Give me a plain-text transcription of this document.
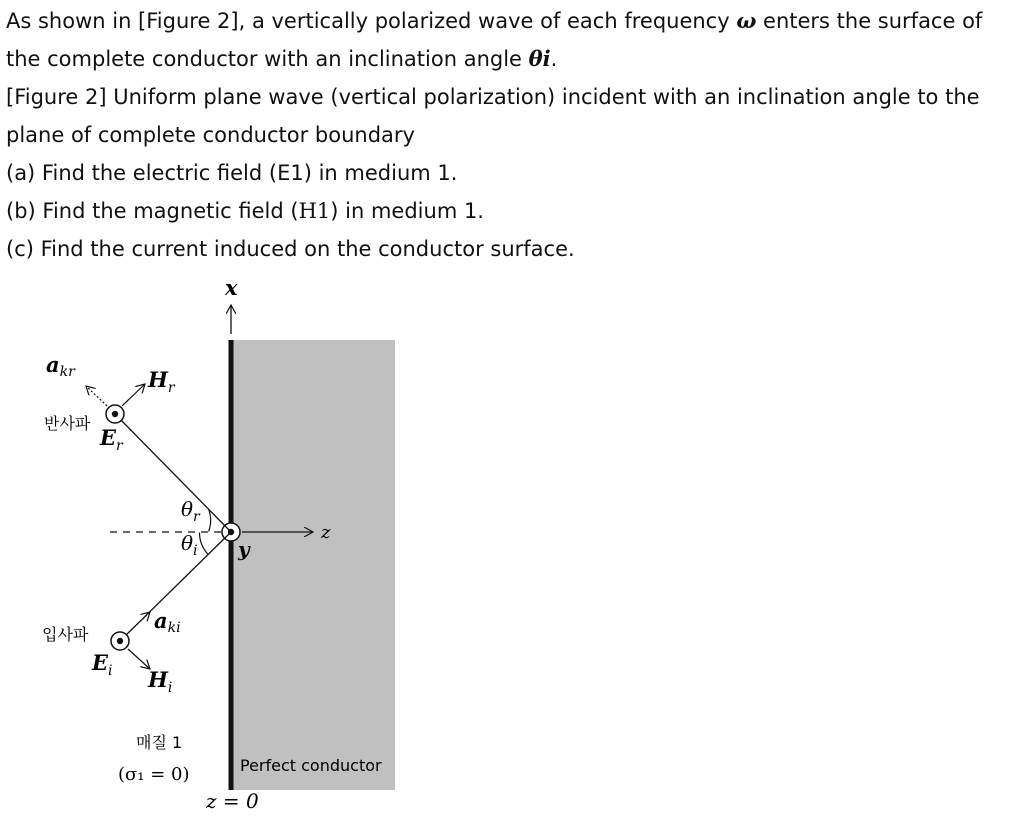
As shown in [Figure 2], a vertically polarized wave of each frequency ω enters the surface of the complete conductor with an inclination angle θi.

[Figure 2] Uniform plane wave (vertical polarization) incident with an inclination angle to the plane of complete conductor boundary

(a) Find the electric field (E1) in medium 1.

(b) Find the magnetic field (H1) in medium 1.

(c) Find the current induced on the conductor surface.

x
z
y
akr	$H_r$
$E_r$
반사파
aki
$E_i$ $H_i$
입사파
$\theta_r$
$\theta_i$
매질 1
(σ₁ = 0)	Perfect conductor
z = 0
